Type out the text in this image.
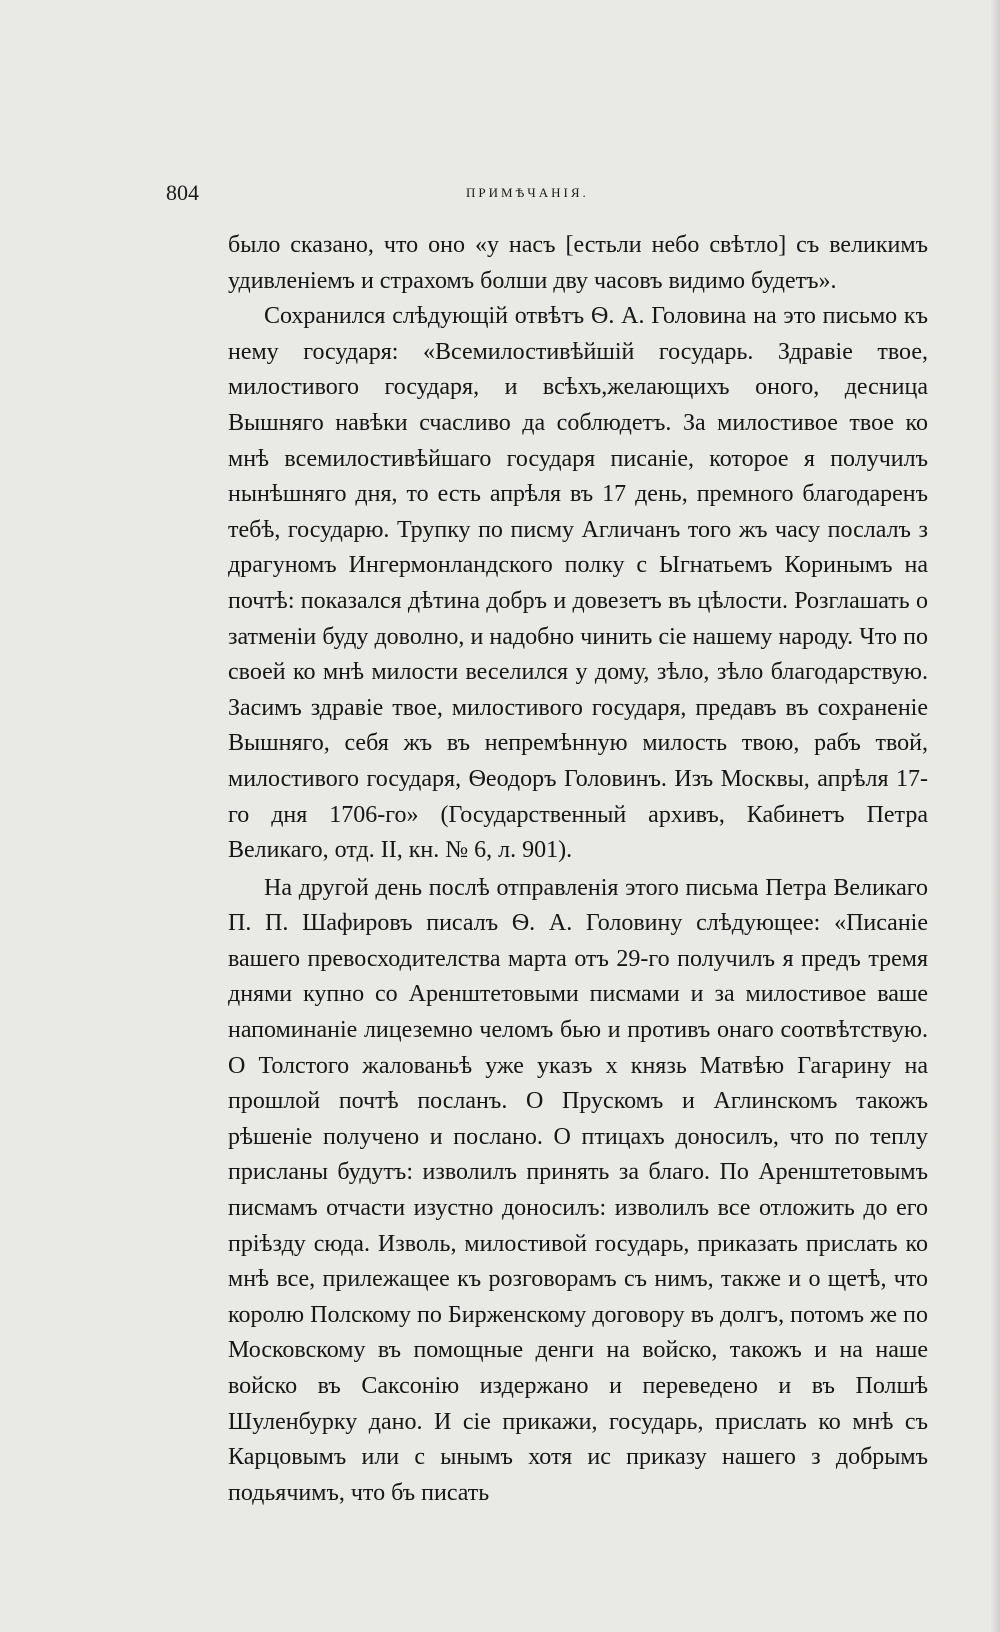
804	ПРИМѢЧАНІЯ.

было сказано, что оно «у насъ [естьли небо свѣтло] съ великимъ удивленіемъ и страхомъ болши дву часовъ видимо будетъ».

Сохранился слѣдующій отвѣтъ Ѳ. А. Головина на это письмо къ нему государя: «Всемилостивѣйшій государь. Здравіе твое, милостивого государя, и всѣхъ,желающихъ оного, десница Вышняго навѣки счасливо да соблюдетъ. За милостивое твое ко мнѣ всемилостивѣйшаго государя писаніе, которое я получилъ нынѣшняго дня, то есть апрѣля въ 17 день, премного благодаренъ тебѣ, государю. Трупку по писму Агличанъ того жъ часу послалъ з драгуномъ Ингермонландского полку с Ыгнатьемъ Коринымъ на почтѣ: показался дѣтина добръ и довезетъ въ цѣлости. Розглашать о затменіи буду доволно, и надобно чинить сіе нашему народу. Что по своей ко мнѣ милости веселился у дому, зѣло, зѣло благодарствую. Засимъ здравіе твое, милостивого государя, предавъ въ сохраненіе Вышняго, себя жъ въ непремѣнную милость твою, рабъ твой, милостивого государя, Ѳеодоръ Головинъ. Изъ Москвы, апрѣля 17-го дня 1706-го» (Государственный архивъ, Кабинетъ Петра Великаго, отд. II, кн. № 6, л. 901).

На другой день послѣ отправленія этого письма Петра Великаго П. П. Шафировъ писалъ Ѳ. А. Головину слѣдующее: «Писаніе вашего превосходителства марта отъ 29-го получилъ я предъ тремя днями купно со Аренштетовыми писмами и за милостивое ваше напоминаніе лицеземно челомъ бью и противъ онаго соотвѣтствую. О Толстого жалованьѣ уже указъ х князь Матвѣю Гагарину на прошлой почтѣ посланъ. О Прускомъ и Аглинскомъ такожъ рѣшеніе получено и послано. О птицахъ доносилъ, что по теплу присланы будутъ: изволилъ принять за благо. По Аренштетовымъ писмамъ отчасти изустно доносилъ: изволилъ все отложить до его пріѣзду сюда. Изволь, милостивой государь, приказать прислать ко мнѣ все, прилежащее къ розговорамъ съ нимъ, также и о щетѣ, что королю Полскому по Бирженскому договору въ долгъ, потомъ же по Московскому въ помощные денги на войско, такожъ и на наше войско въ Саксонію издержано и переведено и въ Полшѣ Шуленбурку дано. И сіе прикажи, государь, прислать ко мнѣ съ Карцовымъ или с ынымъ хотя ис приказу нашего з добрымъ подьячимъ, что бъ писать
